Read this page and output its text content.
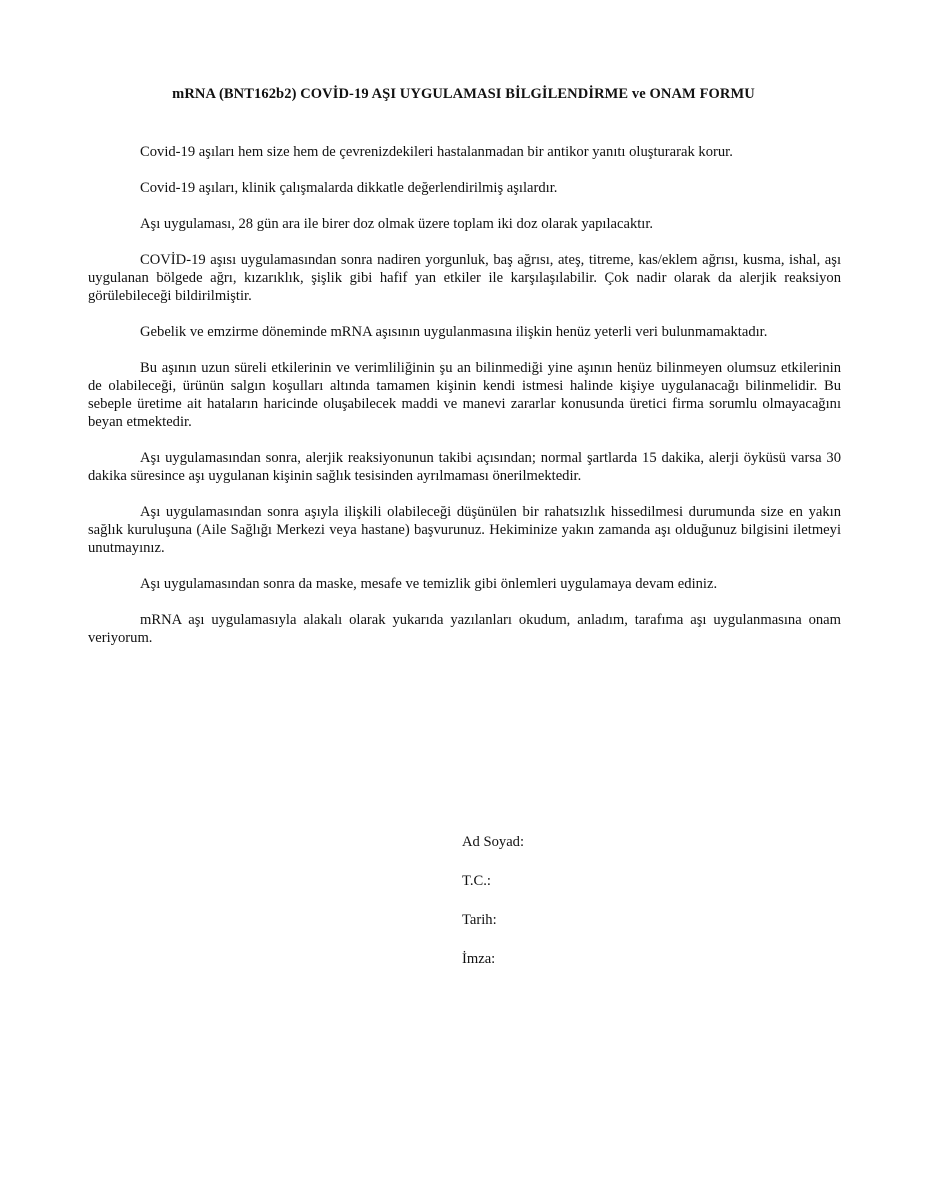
mRNA (BNT162b2) COVİD-19 AŞI UYGULAMASI BİLGİLENDİRME ve ONAM FORMU

Covid-19 aşıları hem size hem de çevrenizdekileri hastalanmadan bir antikor yanıtı oluşturarak korur.

Covid-19 aşıları, klinik çalışmalarda dikkatle değerlendirilmiş aşılardır.

Aşı uygulaması, 28 gün ara ile birer doz olmak üzere toplam iki doz olarak yapılacaktır.

COVİD-19 aşısı uygulamasından sonra nadiren yorgunluk, baş ağrısı, ateş, titreme, kas/eklem ağrısı, kusma, ishal, aşı uygulanan bölgede ağrı, kızarıklık, şişlik gibi hafif yan etkiler ile karşılaşılabilir. Çok nadir olarak da alerjik reaksiyon görülebileceği bildirilmiştir.

Gebelik ve emzirme döneminde mRNA aşısının uygulanmasına ilişkin henüz yeterli veri bulunmamaktadır.

Bu aşının uzun süreli etkilerinin ve verimliliğinin şu an bilinmediği yine aşının henüz bilinmeyen olumsuz etkilerinin de olabileceği, ürünün salgın koşulları altında tamamen kişinin kendi istmesi halinde kişiye uygulanacağı bilinmelidir. Bu sebeple üretime ait hataların haricinde oluşabilecek maddi ve manevi zararlar konusunda üretici firma sorumlu olmayacağını beyan etmektedir.

Aşı uygulamasından sonra, alerjik reaksiyonunun takibi açısından; normal şartlarda 15 dakika, alerji öyküsü varsa 30 dakika süresince aşı uygulanan kişinin sağlık tesisinden ayrılmaması önerilmektedir.

Aşı uygulamasından sonra aşıyla ilişkili olabileceği düşünülen bir rahatsızlık hissedilmesi durumunda size en yakın sağlık kuruluşuna (Aile Sağlığı Merkezi veya hastane) başvurunuz. Hekiminize yakın zamanda aşı olduğunuz bilgisini iletmeyi unutmayınız.

Aşı uygulamasından sonra da maske, mesafe ve temizlik gibi önlemleri uygulamaya devam ediniz.

mRNA aşı uygulamasıyla alakalı olarak yukarıda yazılanları okudum, anladım, tarafıma aşı uygulanmasına onam veriyorum.

Ad Soyad:
T.C.:
Tarih:
İmza:
